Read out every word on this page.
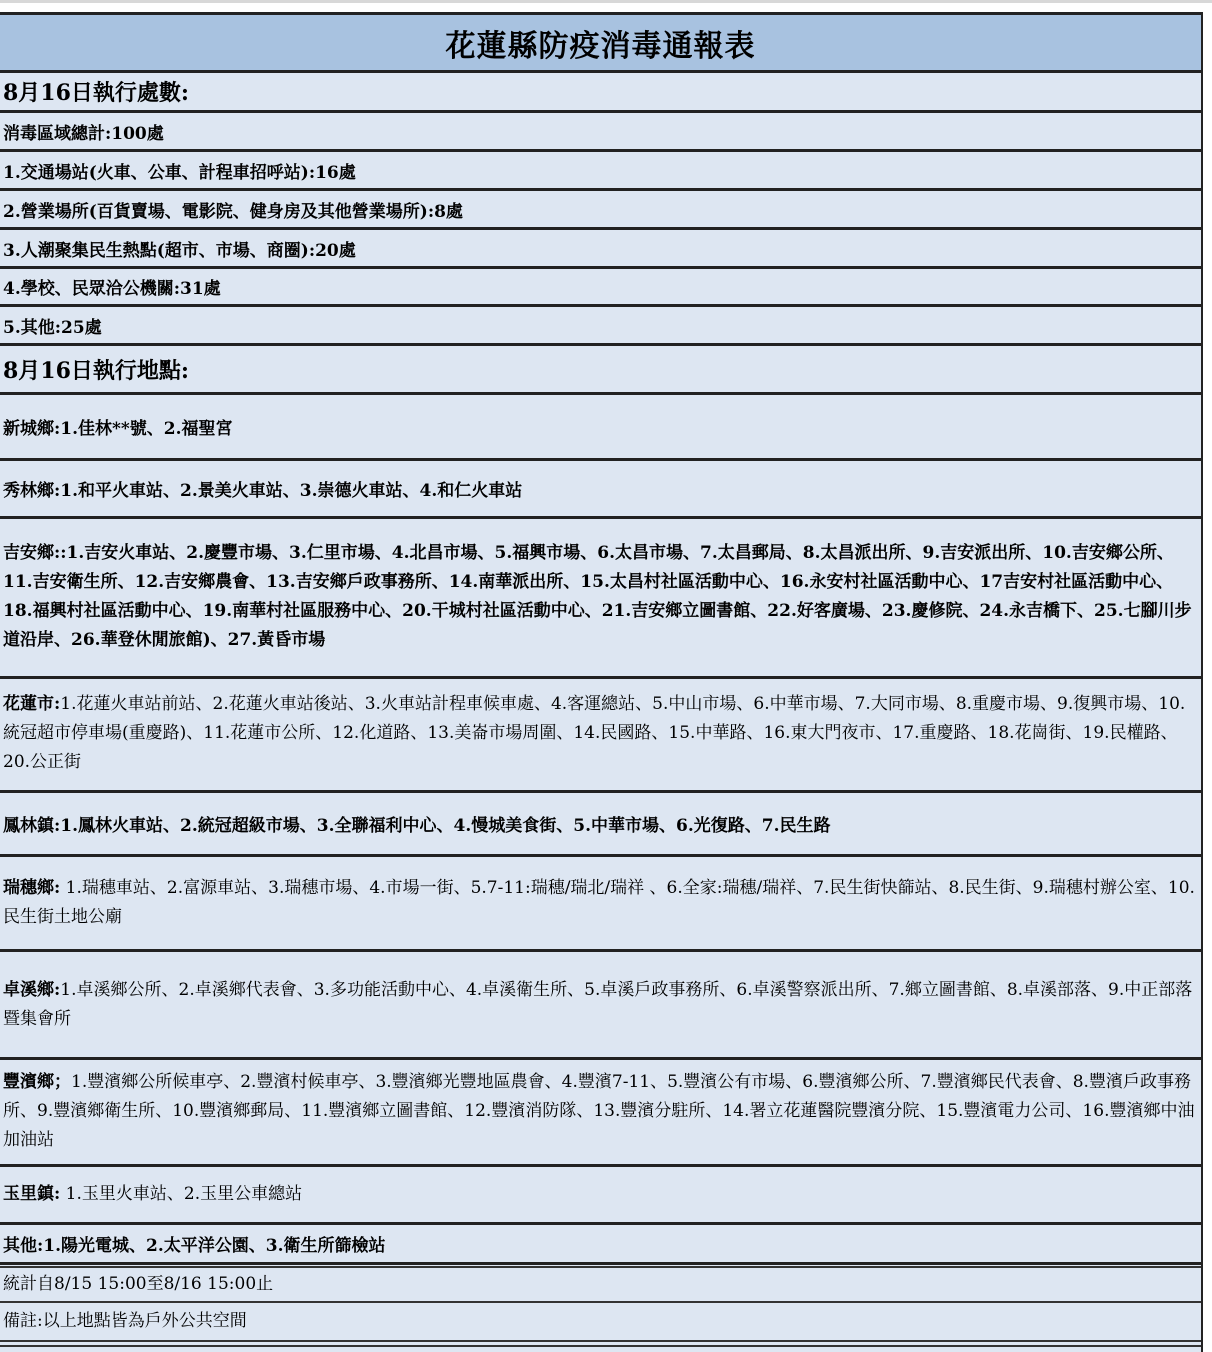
花蓮縣防疫消毒通報表
8月16日執行處數:
消毒區域總計:100處
1.交通場站(火車、公車、計程車招呼站):16處
2.營業場所(百貨賣場、電影院、健身房及其他營業場所):8處
3.人潮聚集民生熱點(超市、市場、商圈):20處
4.學校、民眾洽公機關:31處
5.其他:25處
8月16日執行地點:
新城鄉:1.佳林**號、2.福聖宮
秀林鄉:1.和平火車站、2.景美火車站、3.崇德火車站、4.和仁火車站
吉安鄉::1.吉安火車站、2.慶豐市場、3.仁里市場、4.北昌市場、5.福興市場、6.太昌市場、7.太昌郵局、8.太昌派出所、9.吉安派出所、10.吉安鄉公所、11.吉安衛生所、12.吉安鄉農會、13.吉安鄉戶政事務所、14.南華派出所、15.太昌村社區活動中心、16.永安村社區活動中心、17吉安村社區活動中心、18.福興村社區活動中心、19.南華村社區服務中心、20.干城村社區活動中心、21.吉安鄉立圖書館、22.好客廣場、23.慶修院、24.永吉橋下、25.七腳川步道沿岸、26.華登休閒旅館)、27.黃昏市場
花蓮市:1.花蓮火車站前站、2.花蓮火車站後站、3.火車站計程車候車處、4.客運總站、5.中山市場、6.中華市場、7.大同市場、8.重慶市場、9.復興市場、10.統冠超市停車場(重慶路)、11.花蓮市公所、12.化道路、13.美崙市場周圍、14.民國路、15.中華路、16.東大門夜市、17.重慶路、18.花崗街、19.民權路、20.公正街
鳳林鎮:1.鳳林火車站、2.統冠超級市場、3.全聯福利中心、4.慢城美食街、5.中華市場、6.光復路、7.民生路
瑞穗鄉: 1.瑞穗車站、2.富源車站、3.瑞穗市場、4.市場一街、5.7-11:瑞穗/瑞北/瑞祥 、6.全家:瑞穗/瑞祥、7.民生街快篩站、8.民生街、9.瑞穗村辦公室、10.民生街土地公廟
卓溪鄉:1.卓溪鄉公所、2.卓溪鄉代表會、3.多功能活動中心、4.卓溪衛生所、5.卓溪戶政事務所、6.卓溪警察派出所、7.鄉立圖書館、8.卓溪部落、9.中正部落暨集會所
豐濱鄉；1.豐濱鄉公所候車亭、2.豐濱村候車亭、3.豐濱鄉光豐地區農會、4.豐濱7-11、5.豐濱公有市場、6.豐濱鄉公所、7.豐濱鄉民代表會、8.豐濱戶政事務所、9.豐濱鄉衛生所、10.豐濱鄉郵局、11.豐濱鄉立圖書館、12.豐濱消防隊、13.豐濱分駐所、14.署立花蓮醫院豐濱分院、15.豐濱電力公司、16.豐濱鄉中油加油站
玉里鎮: 1.玉里火車站、2.玉里公車總站
其他:1.陽光電城、2.太平洋公園、3.衛生所篩檢站
統計自8/15 15:00至8/16 15:00止
備註:以上地點皆為戶外公共空間
